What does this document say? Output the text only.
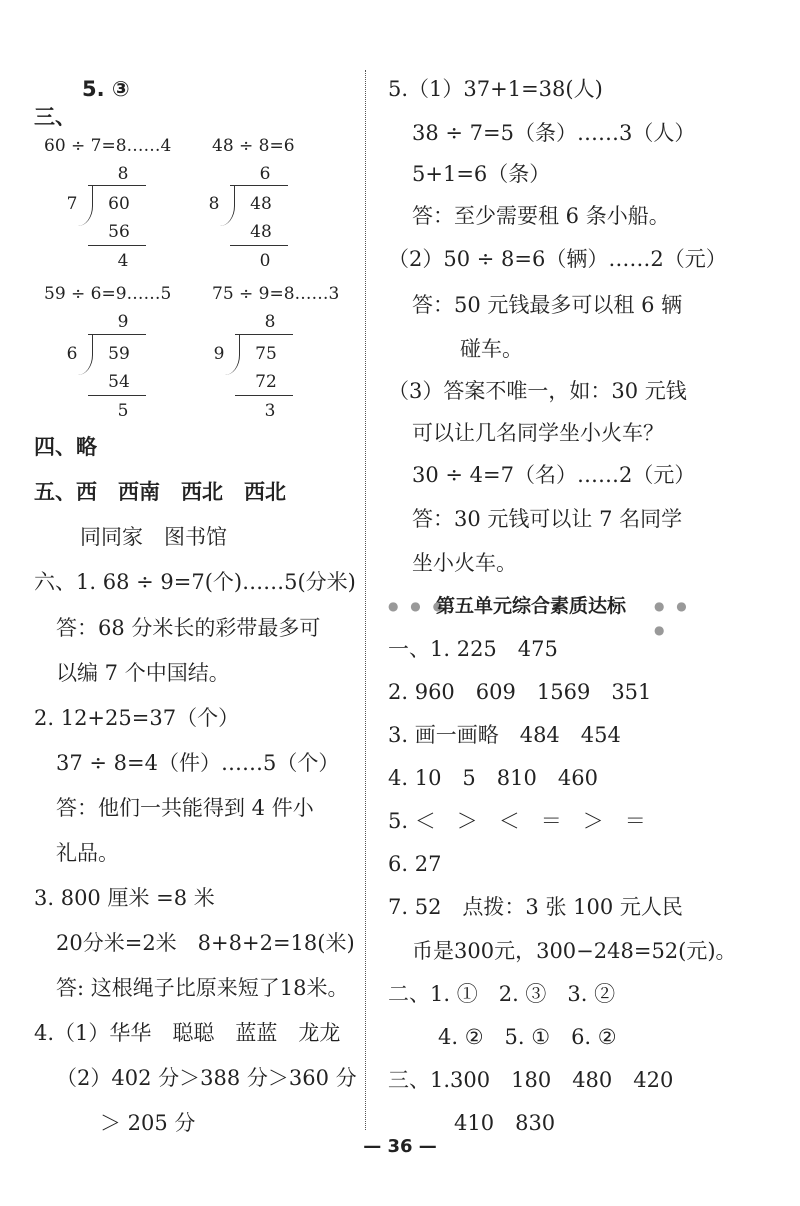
5. ③
三、
60 ÷ 7=8……4
8
7	60
56
4
48 ÷ 8=6
6
8	48
48
0
59 ÷ 6=9……5
9
6	59
54
5
75 ÷ 9=8……3
8
9	75
72
3
四、略
五、西　西南　西北　西北
同同家　图书馆
六、1. 68 ÷ 9=7(个)……5(分米)
答：68 分米长的彩带最多可
以编 7 个中国结。
2. 12+25=37（个）
37 ÷ 8=4（件）……5（个）
答：他们一共能得到 4 件小
礼品。
3. 800 厘米 =8 米
20分米=2米　8+8+2=18(米)
答: 这根绳子比原来短了18米。
4.（1）华华　聪聪　蓝蓝　龙龙
（2）402 分＞388 分＞360 分
＞ 205 分
5.（1）37+1=38(人)
38 ÷ 7=5（条）……3（人）
5+1=6（条）
答：至少需要租 6 条小船。
（2）50 ÷ 8=6（辆）……2（元）
答：50 元钱最多可以租 6 辆
碰车。
（3）答案不唯一，如：30 元钱
可以让几名同学坐小火车？
30 ÷ 4=7（名）……2（元）
答：30 元钱可以让 7 名同学
坐小火车。
● ● ●
第五单元综合素质达标 ● ● ●
一、1. 225　475
2. 960　609　1569　351
3. 画一画略　484　454
4. 10　5　810　460
5. ＜　＞　＜　＝　＞　＝
6. 27
7. 52　点拨：3 张 100 元人民
币是300元，300−248=52(元)。
二、1. ①　2. ③　3. ②
4. ②　5. ①　6. ②
三、1.300　180　480　420
410　830
— 36 —
